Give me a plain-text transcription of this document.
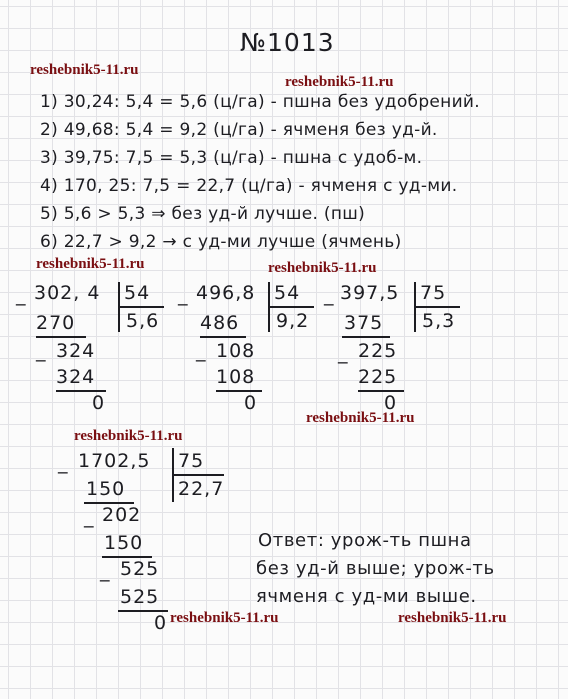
№1013
reshebnik5-11.ru
reshebnik5-11.ru
reshebnik5-11.ru	reshebnik5-11.ru
reshebnik5-11.ru
reshebnik5-11.ru
reshebnik5-11.ru	reshebnik5-11.ru
1) 30,24: 5,4 = 5,6 (ц/га) - пшна без удобрений.
2) 49,68: 5,4 = 9,2 (ц/га) - ячменя без уд-й.
3) 39,75: 7,5 = 5,3 (ц/га) - пшна с удоб-м.
4) 170, 25: 7,5 = 22,7 (ц/га) - ячменя с уд-ми.
5) 5,6 > 5,3 ⇒ без уд-й лучше. (пш)
6) 22,7 > 9,2 → с уд-ми лучше (ячмень)
_ 302, 4 54
5,6
270
_ 324
324
0
_ 496,8 54
9,2
486
_ 108
108
0
_ 397,5 75
5,3
375
_ 225
225
0
_ 1702,5 75
22,7
150
_ 202
150
_ 525
525
0
Ответ: урож-ть пшна
без уд-й выше; урож-ть
ячменя с уд-ми выше.
